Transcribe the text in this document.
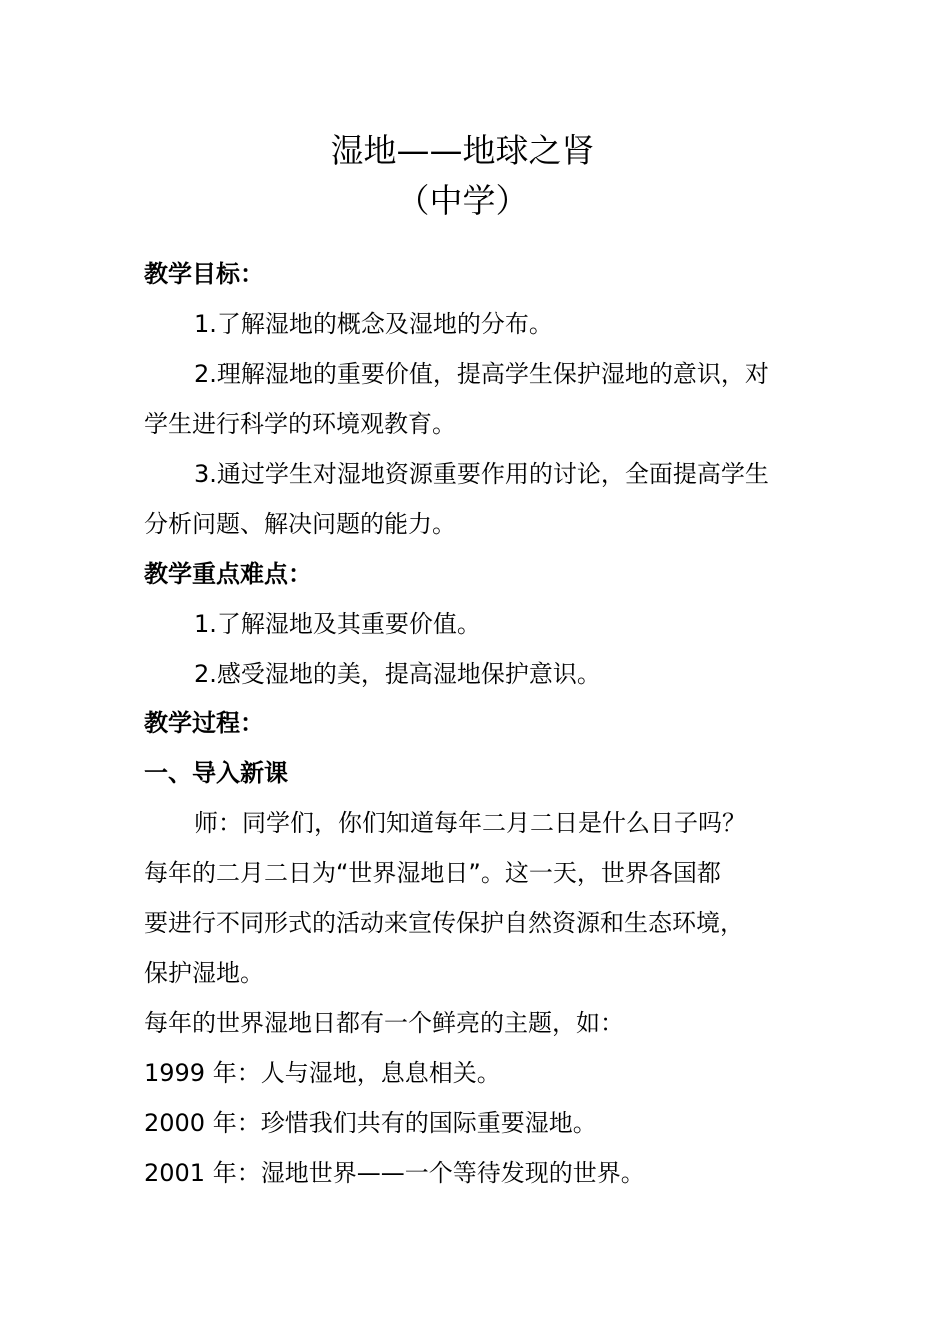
湿地——地球之肾
（中学）
教学目标：
1.了解湿地的概念及湿地的分布。
2.理解湿地的重要价值，提高学生保护湿地的意识，对
学生进行科学的环境观教育。
3.通过学生对湿地资源重要作用的讨论，全面提高学生
分析问题、解决问题的能力。
教学重点难点：
1.了解湿地及其重要价值。
2.感受湿地的美，提高湿地保护意识。
教学过程：
一、导入新课
师：同学们，你们知道每年二月二日是什么日子吗？
每年的二月二日为“世界湿地日”。这一天，世界各国都
要进行不同形式的活动来宣传保护自然资源和生态环境，
保护湿地。
每年的世界湿地日都有一个鲜亮的主题，如：
1999 年：人与湿地，息息相关。
2000 年：珍惜我们共有的国际重要湿地。
2001 年：湿地世界——一个等待发现的世界。
